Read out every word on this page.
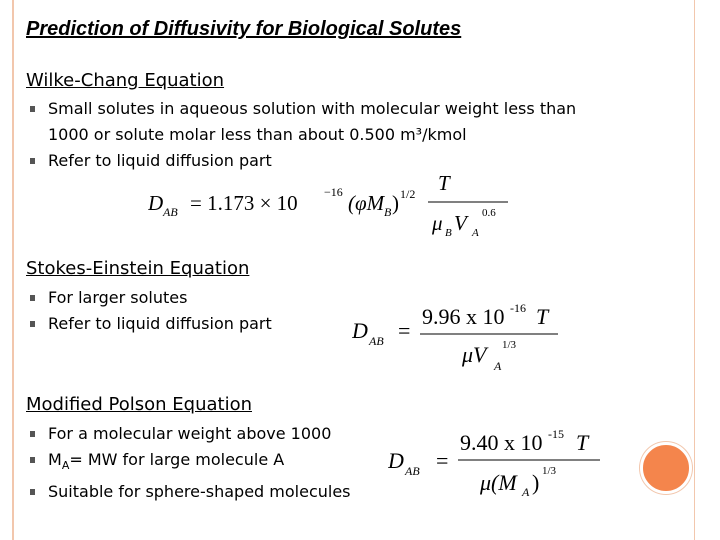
Prediction of Diffusivity for Biological Solutes
Wilke-Chang Equation
Small solutes in aqueous solution with molecular weight less than
1000 or solute molar less than about 0.500 m³/kmol
Refer to liquid diffusion part
D AB = 1.173 × 10 −16 (φM B ) 1/2 T
μ B V A
0.6
Stokes-Einstein Equation
For larger solutes
Refer to liquid diffusion part	D AB =
9.96 x 10 -16 T
μV A
1/3
Modified Polson Equation
For a molecular weight above 1000
$M_A=$ MW for large molecule A
Suitable for sphere-shaped molecules
D AB =
9.40 x 10 -15 T
μ(M A ) 1/3
